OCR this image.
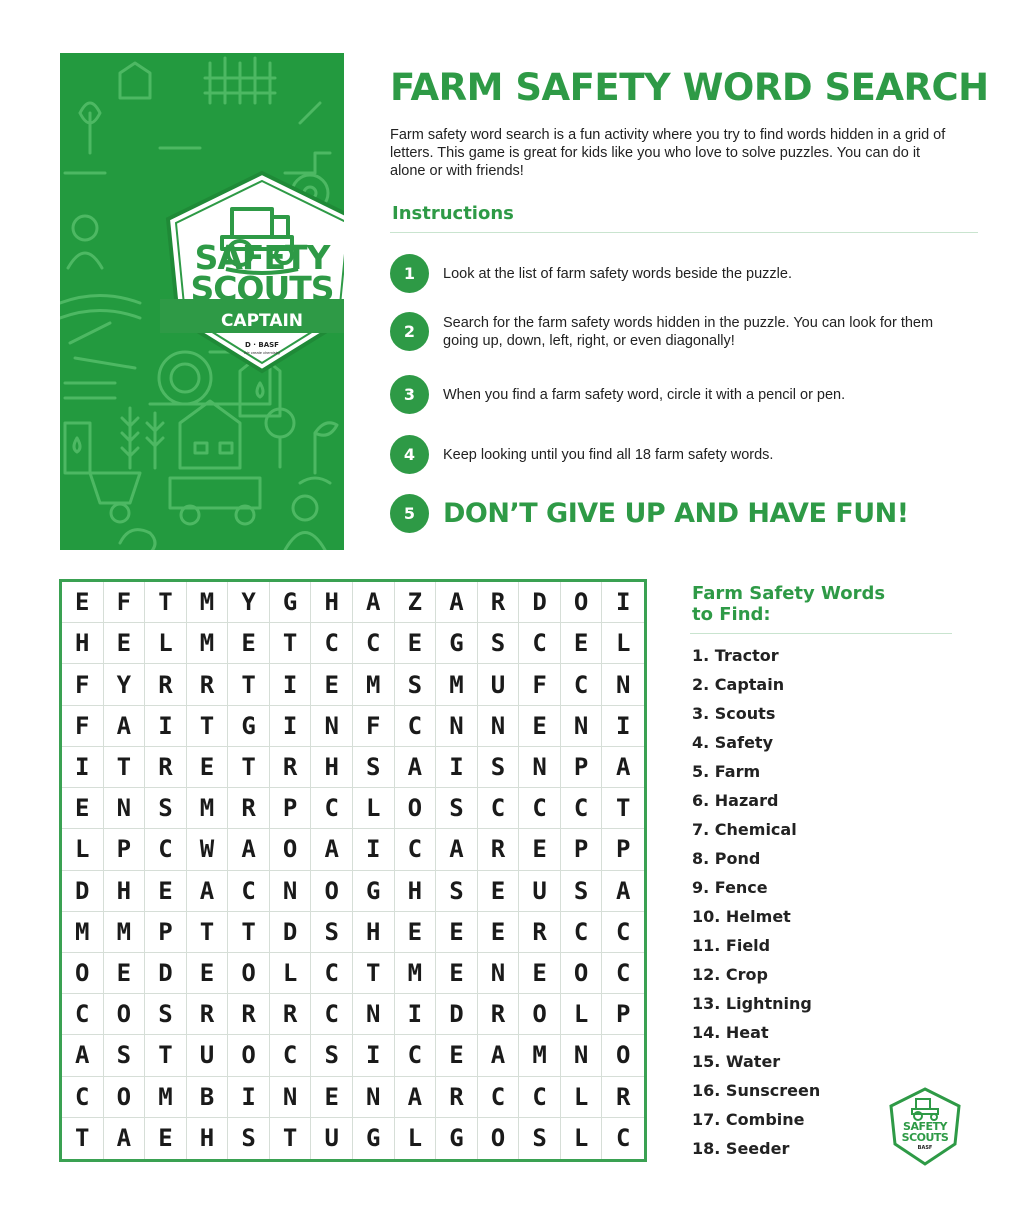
SAFETY
SCOUTS
CAPTAIN
D · BASF
We create chemistry
FARM SAFETY WORD SEARCH

Farm safety word search is a fun activity where you try to find words hidden in a grid of letters. This game is great for kids like you who love to solve puzzles. You can do it alone or with friends!

Instructions
1	Look at the list of farm safety words beside the puzzle.
2	Search for the farm safety words hidden in the puzzle. You can look for them going up, down, left, right, or even diagonally!
3	When you find a farm safety word, circle it with a pencil or pen.
4	Keep looking until you find all 18 farm safety words.
5	DON’T GIVE UP AND HAVE FUN!
E	F	T	M	Y	G	H	A	Z	A	R	D	O	I
H	E	L	M	E	T	C	C	E	G	S	C	E	L
F	Y	R	R	T	I	E	M	S	M	U	F	C	N
F	A	I	T	G	I	N	F	C	N	N	E	N	I
I	T	R	E	T	R	H	S	A	I	S	N	P	A
E	N	S	M	R	P	C	L	O	S	C	C	C	T
L	P	C	W	A	O	A	I	C	A	R	E	P	P
D	H	E	A	C	N	O	G	H	S	E	U	S	A
M	M	P	T	T	D	S	H	E	E	E	R	C	C
O	E	D	E	O	L	C	T	M	E	N	E	O	C
C	O	S	R	R	R	C	N	I	D	R	O	L	P
A	S	T	U	O	C	S	I	C	E	A	M	N	O
C	O	M	B	I	N	E	N	A	R	C	C	L	R
T	A	E	H	S	T	U	G	L	G	O	S	L	C
Farm Safety Words
to Find:
1. Tractor
2. Captain
3. Scouts
4. Safety
5. Farm
6. Hazard
7. Chemical
8. Pond
9. Fence
10. Helmet
11. Field
12. Crop
13. Lightning
14. Heat
15. Water
16. Sunscreen
17. Combine
18. Seeder
SAFETY
SCOUTS
BASF
